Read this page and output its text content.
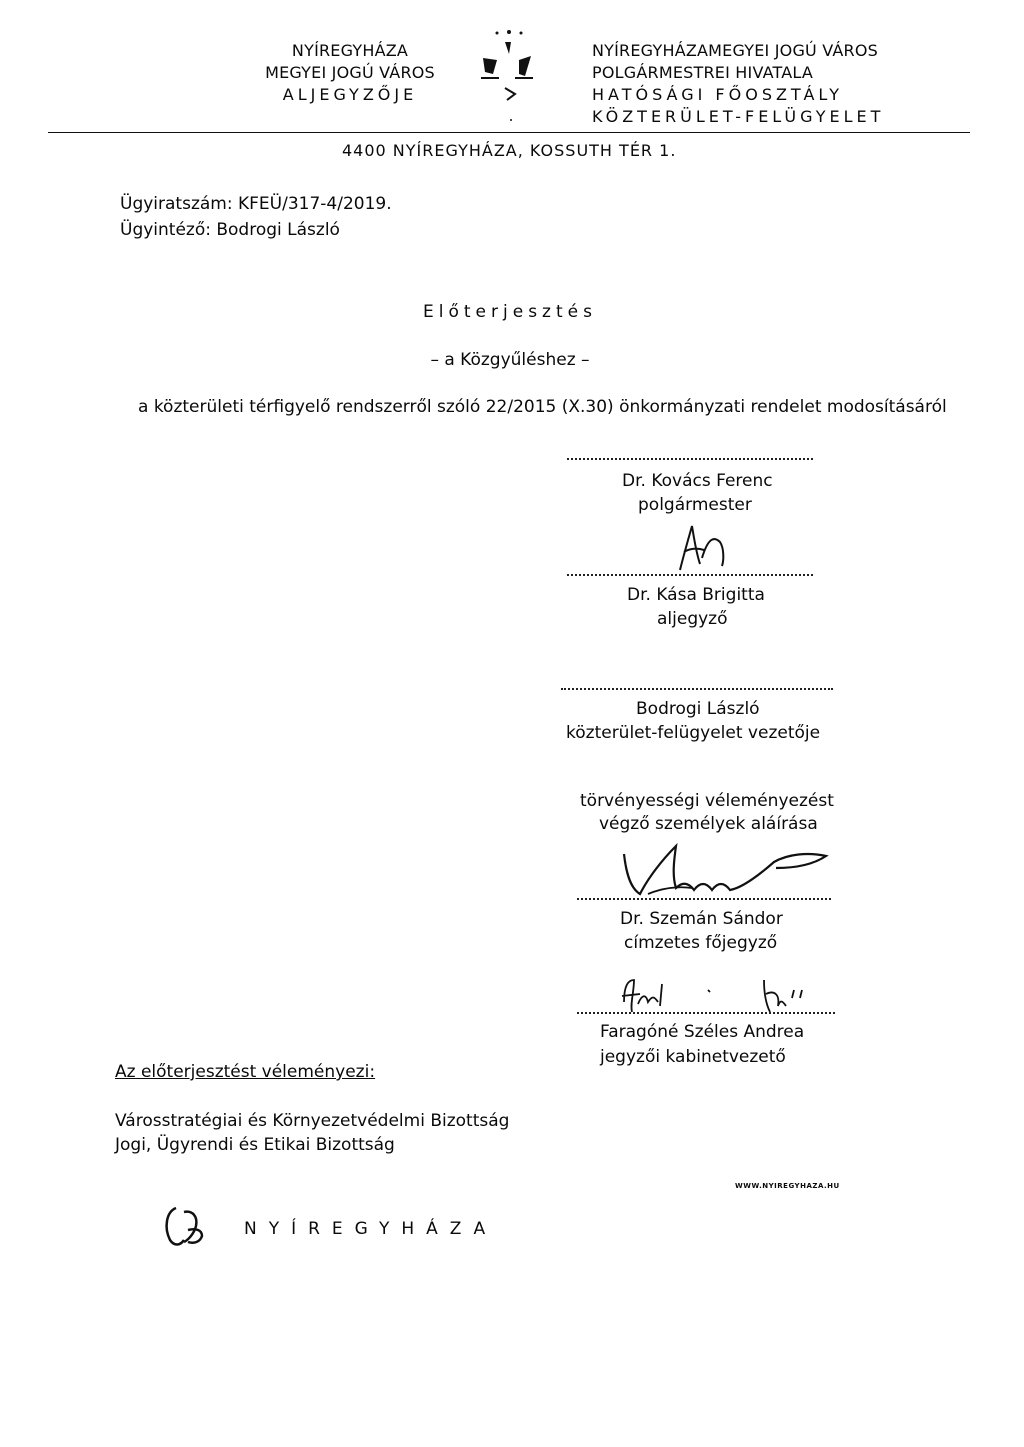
NYÍREGYHÁZA
MEGYEI JOGÚ VÁROS
ALJEGYZŐJE
NYÍREGYHÁZAMEGYEI JOGÚ VÁROS
POLGÁRMESTREI HIVATALA
HATÓSÁGI FŐOSZTÁLY
KÖZTERÜLET-FELÜGYELET
4400 NYÍREGYHÁZA, KOSSUTH TÉR 1.
Ügyiratszám: KFEÜ/317-4/2019.
Ügyintéző: Bodrogi László
Előterjesztés
– a Közgyűléshez –
a közterületi térfigyelő rendszerről szóló 22/2015 (X.30) önkormányzati rendelet modosításáról
Dr. Kovács Ferenc
polgármester
Dr. Kása Brigitta
aljegyző
Bodrogi László
közterület-felügyelet vezetője
törvényességi véleményezést
végző személyek aláírása
Dr. Szemán Sándor
címzetes főjegyző
Faragóné Széles Andrea
jegyzői kabinetvezető
Az előterjesztést véleményezi:
Városstratégiai és Környezetvédelmi Bizottság
Jogi, Ügyrendi és Etikai Bizottság
WWW.NYIREGYHAZA.HU
NYÍREGYHÁZA
